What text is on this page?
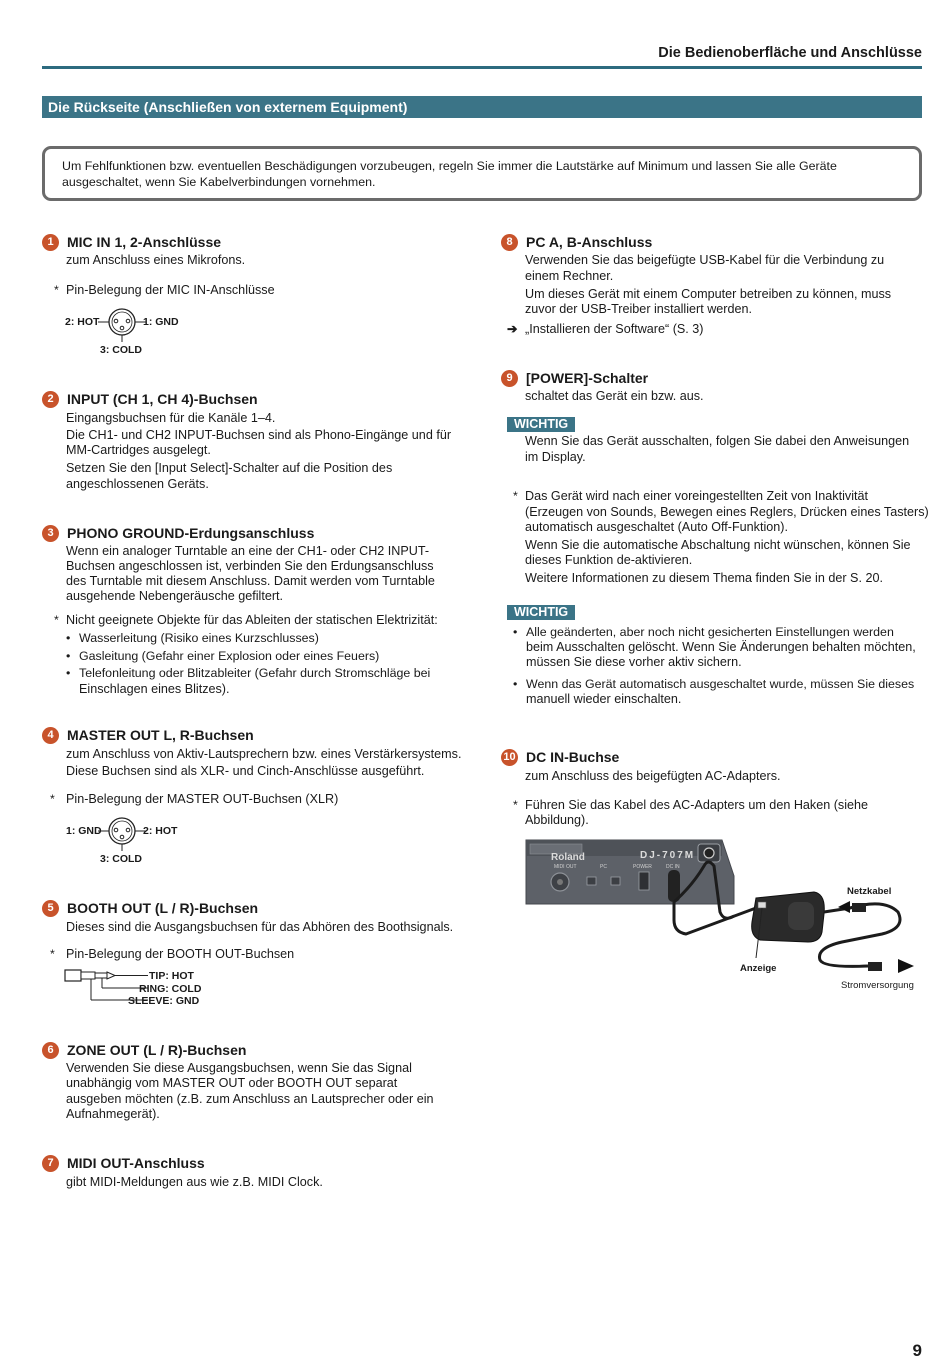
Die Bedienoberfläche und Anschlüsse
Die Rückseite (Anschließen von externem Equipment)
Um Fehlfunktionen bzw. eventuellen Beschädigungen vorzubeugen, regeln Sie immer die Lautstärke auf Minimum und lassen Sie alle Geräte
ausgeschaltet, wenn Sie Kabelverbindungen vornehmen.
1 MIC IN 1, 2-Anschlüsse
zum Anschluss eines Mikrofons.
* Pin-Belegung der MIC IN-Anschlüsse
2: HOT	1: GND
3: COLD
2 INPUT (CH 1, CH 4)-Buchsen
Eingangsbuchsen für die Kanäle 1–4.
Die CH1- und CH2 INPUT-Buchsen sind als Phono-Eingänge und für
MM-Cartridges ausgelegt.
Setzen Sie den [Input Select]-Schalter auf die Position des
angeschlossenen Geräts.
3 PHONO GROUND-Erdungsanschluss
Wenn ein analoger Turntable an eine der CH1- oder CH2 INPUT-
Buchsen angeschlossen ist, verbinden Sie den Erdungsanschluss
des Turntable mit diesem Anschluss. Damit werden vom Turntable
ausgehende Nebengeräusche gefiltert.
* Nicht geeignete Objekte für das Ableiten der statischen Elektrizität:
• Wasserleitung (Risiko eines Kurzschlusses)
• Gasleitung (Gefahr einer Explosion oder eines Feuers)
• Telefonleitung oder Blitzableiter (Gefahr durch Stromschläge bei
Einschlagen eines Blitzes).
4 MASTER OUT L, R-Buchsen
zum Anschluss von Aktiv-Lautsprechern bzw. eines Verstärkersystems.
Diese Buchsen sind als XLR- und Cinch-Anschlüsse ausgeführt.
* Pin-Belegung der MASTER OUT-Buchsen (XLR)
1: GND	2: HOT
3: COLD
5 BOOTH OUT (L / R)-Buchsen
Dieses sind die Ausgangsbuchsen für das Abhören des Boothsignals.
* Pin-Belegung der BOOTH OUT-Buchsen
TIP: HOT
RING: COLD
SLEEVE: GND
6 ZONE OUT (L / R)-Buchsen
Verwenden Sie diese Ausgangsbuchsen, wenn Sie das Signal
unabhängig vom MASTER OUT oder BOOTH OUT separat
ausgeben möchten (z.B. zum Anschluss an Lautsprecher oder ein
Aufnahmegerät).
7 MIDI OUT-Anschluss
gibt MIDI-Meldungen aus wie z.B. MIDI Clock.
8 PC A, B-Anschluss
Verwenden Sie das beigefügte USB-Kabel für die Verbindung zu
einem Rechner.
Um dieses Gerät mit einem Computer betreiben zu können, muss
zuvor der USB-Treiber installiert werden.
➔ „Installieren der Software“ (S. 3)
9 [POWER]-Schalter
schaltet das Gerät ein bzw. aus.
WICHTIG
Wenn Sie das Gerät ausschalten, folgen Sie dabei den Anweisungen
im Display.
* Das Gerät wird nach einer voreingestellten Zeit von Inaktivität
(Erzeugen von Sounds, Bewegen eines Reglers, Drücken eines Tasters)
automatisch ausgeschaltet (Auto Off-Funktion).
Wenn Sie die automatische Abschaltung nicht wünschen, können Sie
dieses Funktion de-aktivieren.
Weitere Informationen zu diesem Thema finden Sie in der S. 20.
WICHTIG
• Alle geänderten, aber noch nicht gesicherten Einstellungen werden
beim Ausschalten gelöscht. Wenn Sie Änderungen behalten möchten,
müssen Sie diese vorher aktiv sichern.
• Wenn das Gerät automatisch ausgeschaltet wurde, müssen Sie dieses
manuell wieder einschalten.
10 DC IN-Buchse
zum Anschluss des beigefügten AC-Adapters.
* Führen Sie das Kabel des AC-Adapters um den Haken (siehe
Abbildung).
Roland	DJ-707M
MIDI OUT	PC	POWER	DC IN
Netzkabel
Anzeige
Stromversorgung
9
